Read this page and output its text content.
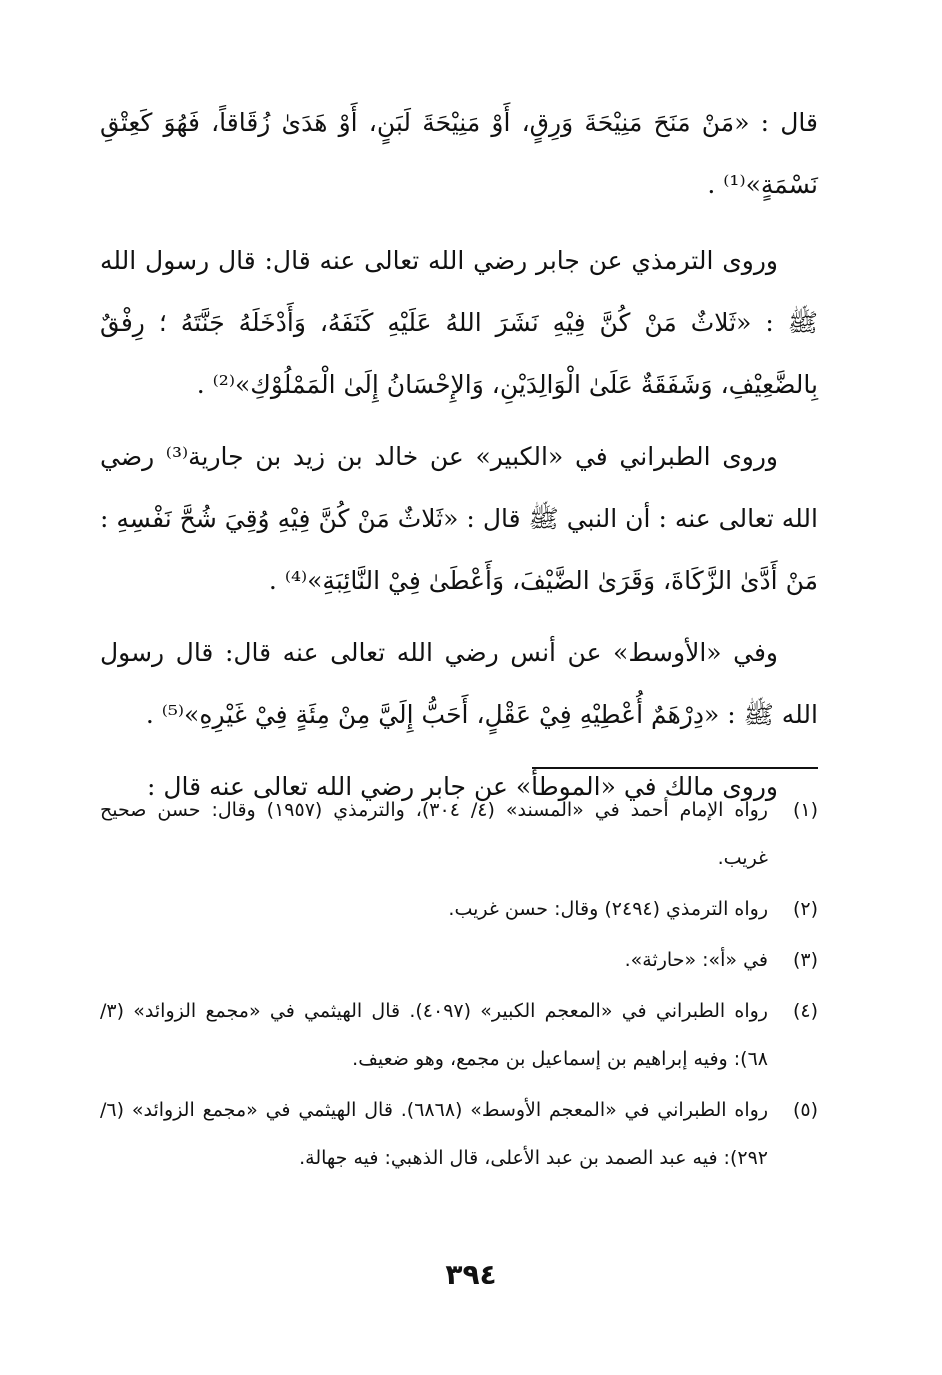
قال : «مَنْ مَنَحَ مَنِيْحَةَ وَرِقٍ، أَوْ مَنِيْحَةَ لَبَنٍ، أَوْ هَدَىٰ زُقَاقاً، فَهُوَ كَعِتْقِ نَسْمَةٍ»⁽¹⁾ .

وروى الترمذي عن جابر رضي الله تعالى عنه قال: قال رسول الله ﷺ : «ثَلاثٌ مَنْ كُنَّ فِيْهِ نَشَرَ اللهُ عَلَيْهِ كَنَفَهُ، وَأَدْخَلَهُ جَنَّتَهُ ؛ رِفْقٌ بِالضَّعِيْفِ، وَشَفَقَةٌ عَلَىٰ الْوَالِدَيْنِ، وَالإِحْسَانُ إِلَىٰ الْمَمْلُوْكِ»⁽²⁾ .

وروى الطبراني في «الكبير» عن خالد بن زيد بن جارية⁽³⁾ رضي الله تعالى عنه : أن النبي ﷺ قال : «ثَلاثٌ مَنْ كُنَّ فِيْهِ وُقِيَ شُحَّ نَفْسِهِ : مَنْ أَدَّىٰ الزَّكَاةَ، وَقَرَىٰ الضَّيْفَ، وَأَعْطَىٰ فِيْ النَّائِبَةِ»⁽⁴⁾ .

وفي «الأوسط» عن أنس رضي الله تعالى عنه قال: قال رسول الله ﷺ : «دِرْهَمٌ أُعْطِيْهِ فِيْ عَقْلٍ، أَحَبُّ إِلَيَّ مِنْ مِئَةٍ فِيْ غَيْرِهِ»⁽⁵⁾ .

وروى مالك في «الموطأ» عن جابر رضي الله تعالى عنه قال :

(١)
رواه الإمام أحمد في «المسند» (٤/ ٣٠٤)، والترمذي (١٩٥٧) وقال: حسن صحيح غريب.
(٢)
رواه الترمذي (٢٤٩٤) وقال: حسن غريب.
(٣)
في «أ»: «حارثة».
(٤)
رواه الطبراني في «المعجم الكبير» (٤٠٩٧). قال الهيثمي في «مجمع الزوائد» (٣/ ٦٨): وفيه إبراهيم بن إسماعيل بن مجمع، وهو ضعيف.
(٥)
رواه الطبراني في «المعجم الأوسط» (٦٨٦٨). قال الهيثمي في «مجمع الزوائد» (٦/ ٢٩٢): فيه عبد الصمد بن عبد الأعلى، قال الذهبي: فيه جهالة.
٣٩٤
